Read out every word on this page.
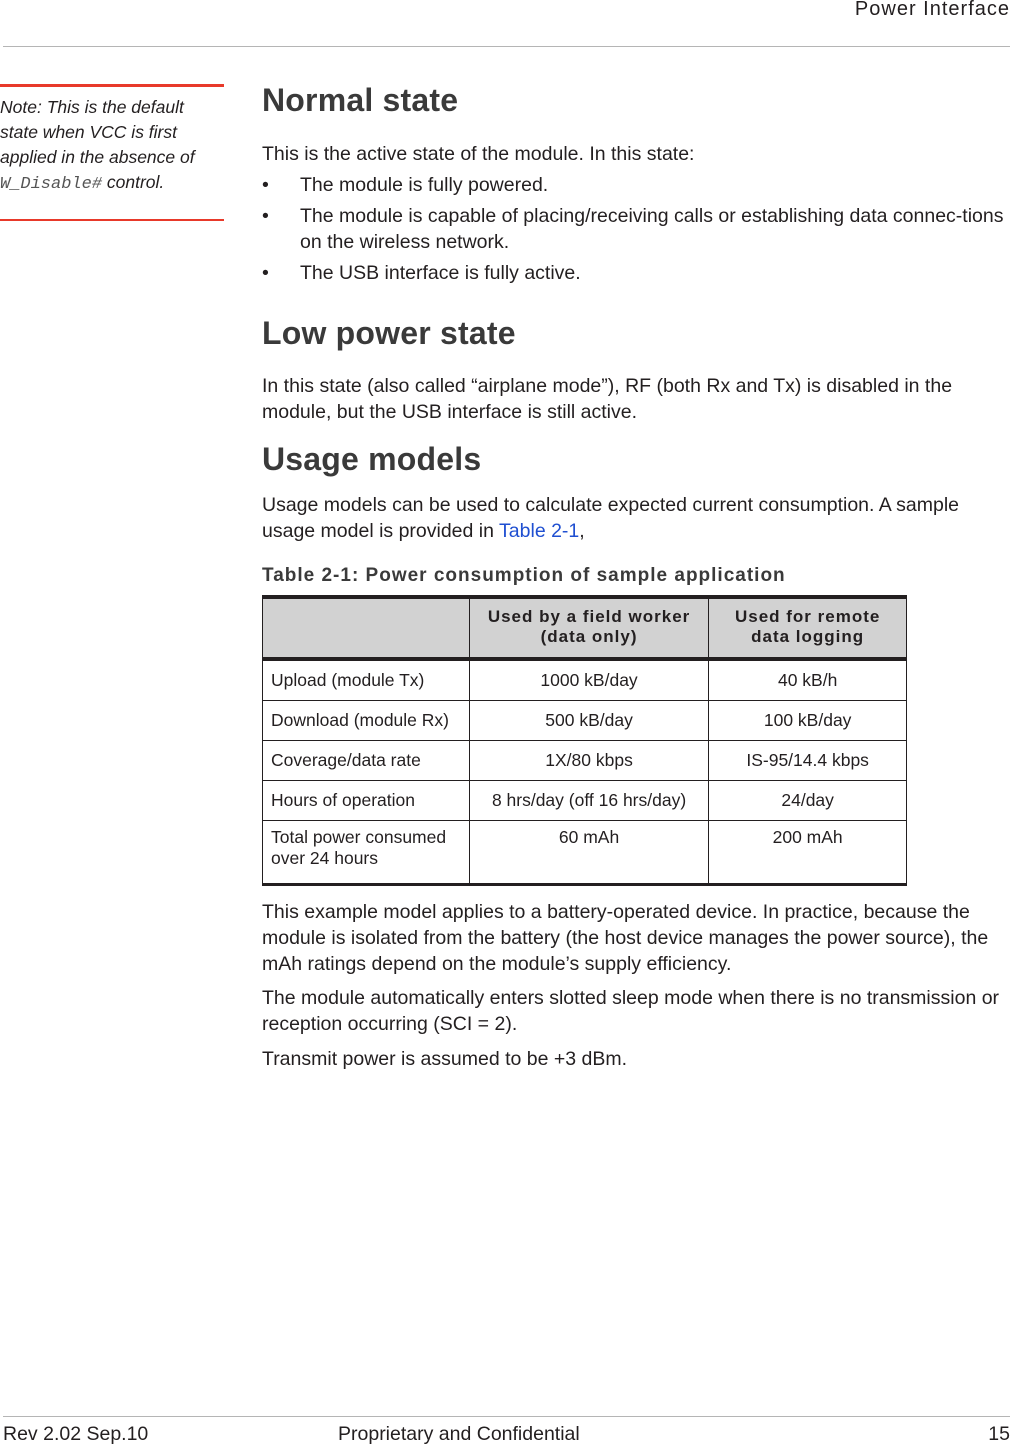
Power Interface
Note: This is the default state when VCC is first applied in the absence of W_Disable# control.
Normal state

This is the active state of the module. In this state:

• The module is fully powered.
• The module is capable of placing/receiving calls or establishing data connec-tions on the wireless network.
• The USB interface is fully active.
Low power state

In this state (also called “airplane mode”), RF (both Rx and Tx) is disabled in the module, but the USB interface is still active.

Usage models

Usage models can be used to calculate expected current consumption. A sample usage model is provided in Table 2-1,

Table 2-1: Power consumption of sample application
	Used by a field worker (data only)	Used for remote data logging
Upload (module Tx)	1000 kB/day	40 kB/h
Download (module Rx)	500 kB/day	100 kB/day
Coverage/data rate	1X/80 kbps	IS-95/14.4 kbps
Hours of operation	8 hrs/day (off 16 hrs/day)	24/day
Total power consumed over 24 hours	60 mAh	200 mAh

This example model applies to a battery-operated device. In practice, because the module is isolated from the battery (the host device manages the power source), the mAh ratings depend on the module’s supply efficiency.

The module automatically enters slotted sleep mode when there is no transmission or reception occurring (SCI = 2).

Transmit power is assumed to be +3 dBm.

Rev 2.02 Sep.10	Proprietary and Confidential	15
